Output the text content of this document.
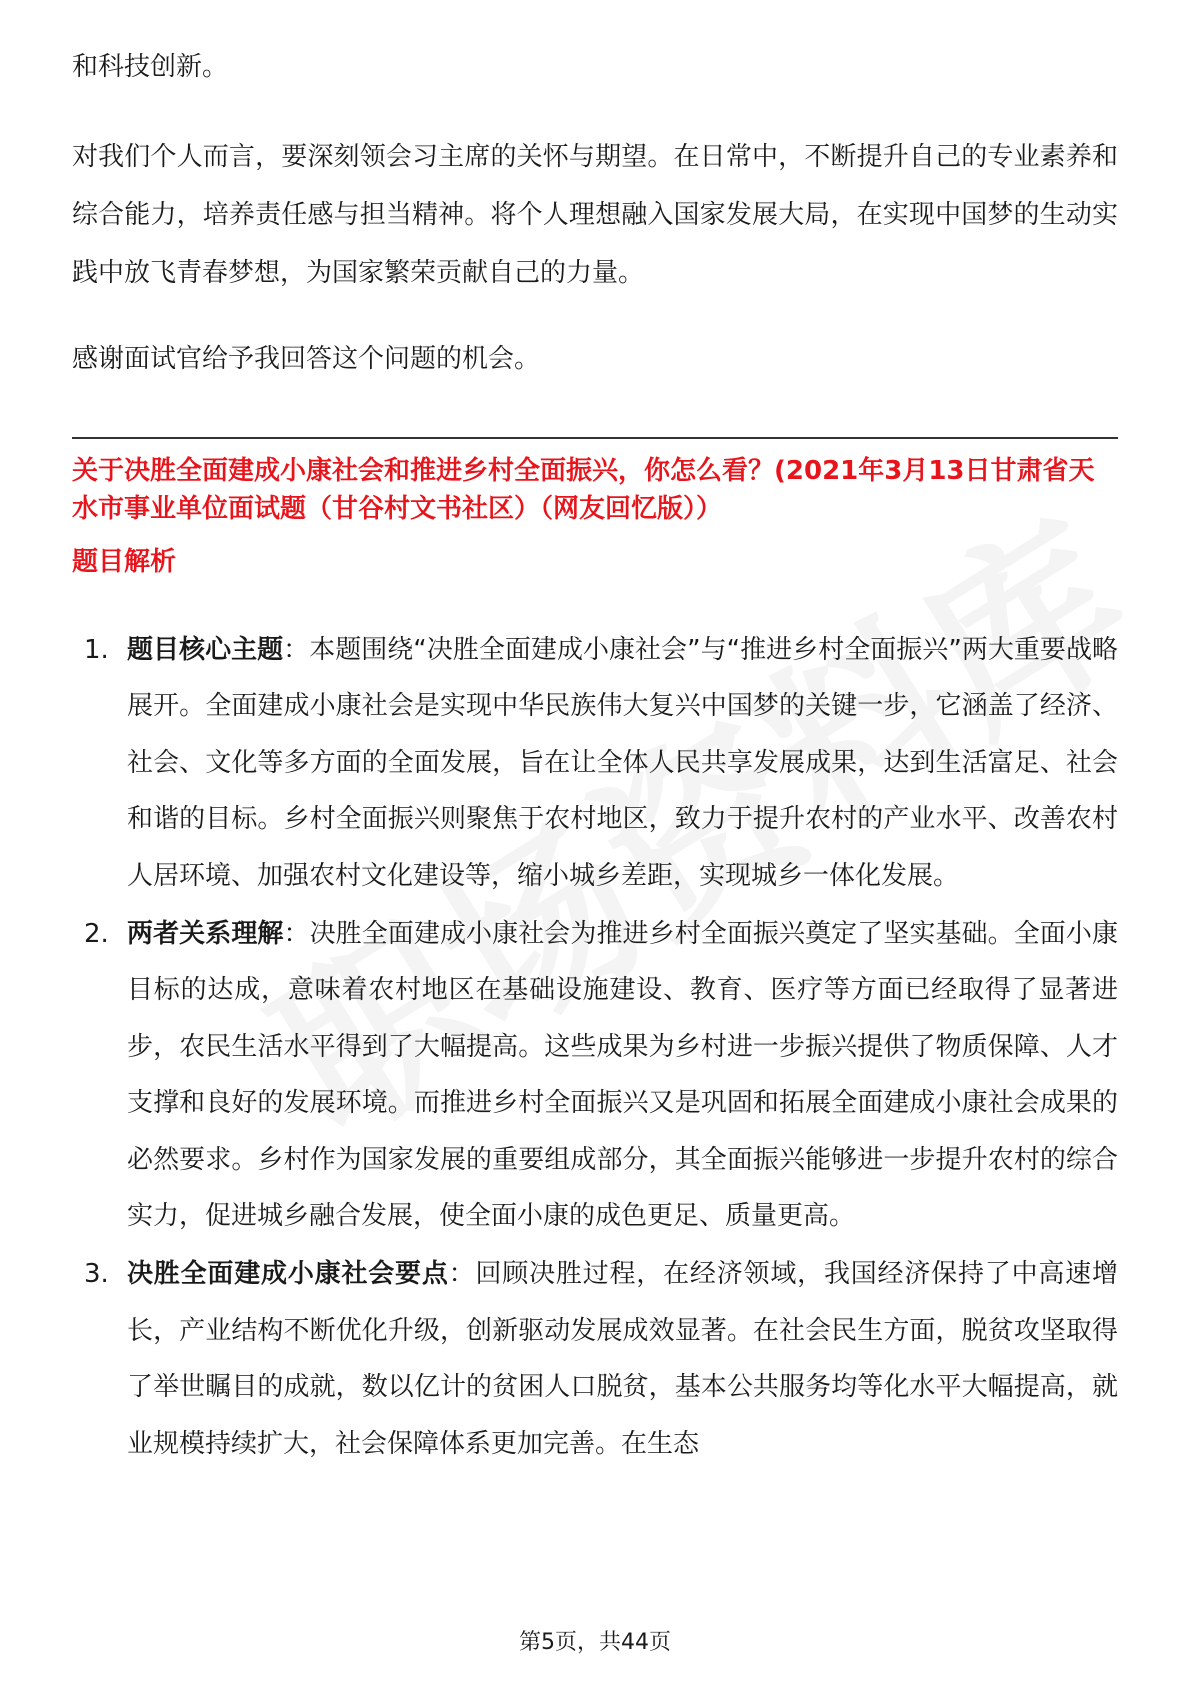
和科技创新。

对我们个人而言，要深刻领会习主席的关怀与期望。在日常中，不断提升自己的专业素养和综合能力，培养责任感与担当精神。将个人理想融入国家发展大局，在实现中国梦的生动实践中放飞青春梦想，为国家繁荣贡献自己的力量。

感谢面试官给予我回答这个问题的机会。

关于决胜全面建成小康社会和推进乡村全面振兴，你怎么看？(2021年3月13日甘肃省天水市事业单位面试题（甘谷村文书社区）（网友回忆版））

题目解析

1. 题目核心主题：本题围绕“决胜全面建成小康社会”与“推进乡村全面振兴”两大重要战略展开。全面建成小康社会是实现中华民族伟大复兴中国梦的关键一步，它涵盖了经济、社会、文化等多方面的全面发展，旨在让全体人民共享发展成果，达到生活富足、社会和谐的目标。乡村全面振兴则聚焦于农村地区，致力于提升农村的产业水平、改善农村人居环境、加强农村文化建设等，缩小城乡差距，实现城乡一体化发展。
2. 两者关系理解：决胜全面建成小康社会为推进乡村全面振兴奠定了坚实基础。全面小康目标的达成，意味着农村地区在基础设施建设、教育、医疗等方面已经取得了显著进步，农民生活水平得到了大幅提高。这些成果为乡村进一步振兴提供了物质保障、人才支撑和良好的发展环境。而推进乡村全面振兴又是巩固和拓展全面建成小康社会成果的必然要求。乡村作为国家发展的重要组成部分，其全面振兴能够进一步提升农村的综合实力，促进城乡融合发展，使全面小康的成色更足、质量更高。
3. 决胜全面建成小康社会要点：回顾决胜过程，在经济领域，我国经济保持了中高速增长，产业结构不断优化升级，创新驱动发展成效显著。在社会民生方面，脱贫攻坚取得了举世瞩目的成就，数以亿计的贫困人口脱贫，基本公共服务均等化水平大幅提高，就业规模持续扩大，社会保障体系更加完善。在生态
第5页，共44页
